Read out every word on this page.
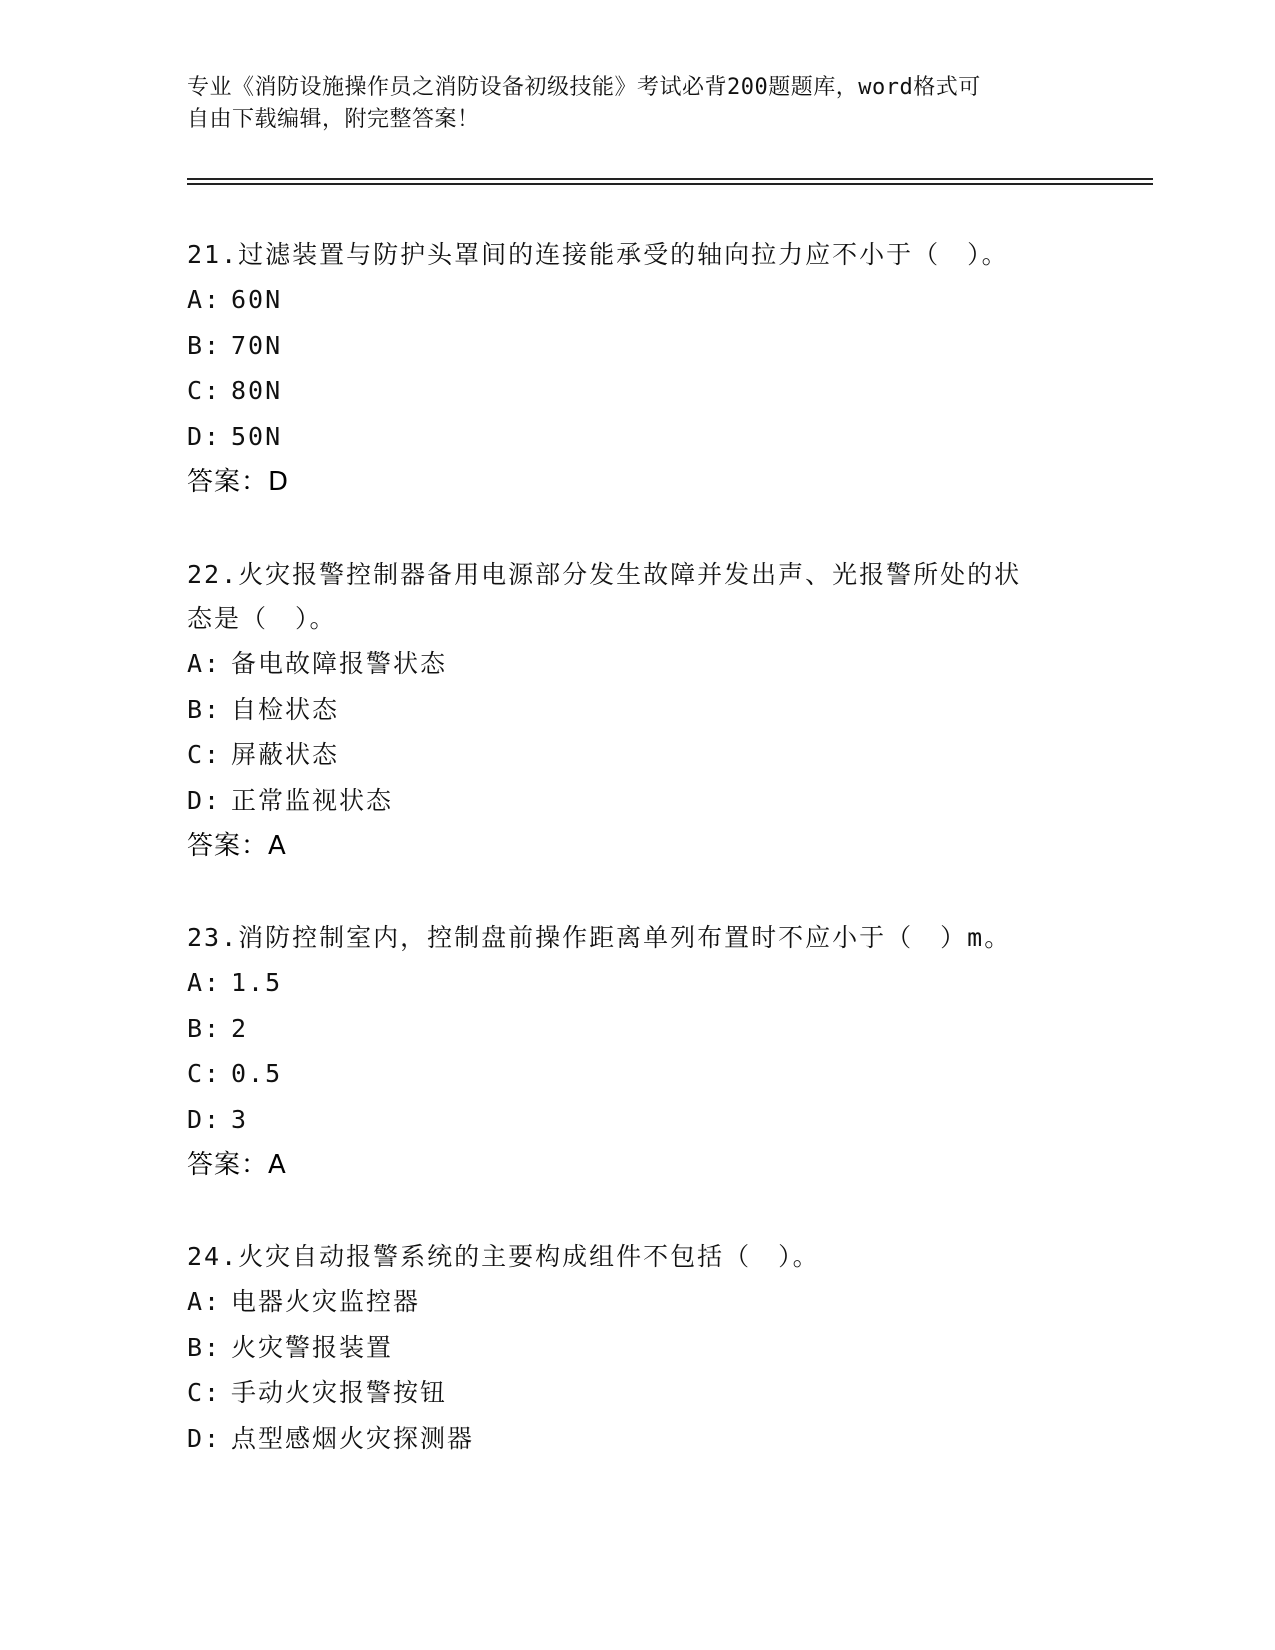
专业《消防设施操作员之消防设备初级技能》考试必背200题题库，word格式可
自由下载编辑，附完整答案！

21.过滤装置与防护头罩间的连接能承受的轴向拉力应不小于（　）。

A: 60N

B: 70N

C: 80N

D: 50N

答案：D

22.火灾报警控制器备用电源部分发生故障并发出声、光报警所处的状

态是（　）。

A: 备电故障报警状态

B: 自检状态

C: 屏蔽状态

D: 正常监视状态

答案：A

23.消防控制室内，控制盘前操作距离单列布置时不应小于（　）m。

A: 1.5

B: 2

C: 0.5

D: 3

答案：A

24.火灾自动报警系统的主要构成组件不包括（　）。

A: 电器火灾监控器

B: 火灾警报装置

C: 手动火灾报警按钮

D: 点型感烟火灾探测器
